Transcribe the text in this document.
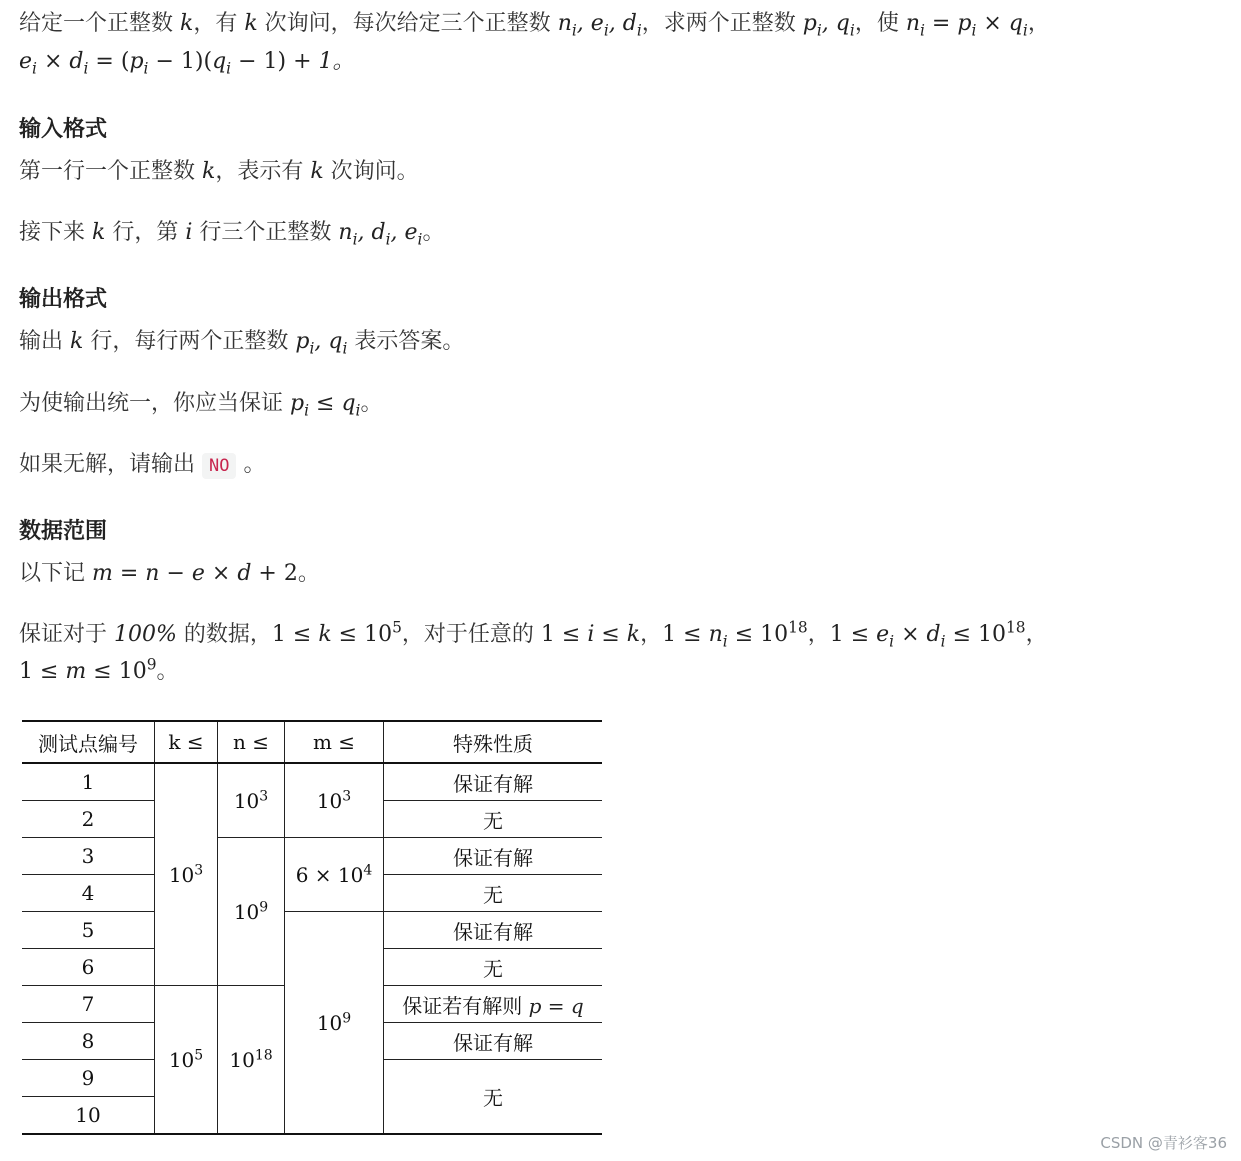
给定一个正整数 k，有 k 次询问，每次给定三个正整数 $n_i$, $e_i$, $d_i$，求两个正整数 $p_i$, $q_i$，使 $n_i = p_i \times q_i$，

$e_i \times d_i = (p_i - 1)(q_i - 1) + 1$。

输入格式

第一行一个正整数 k，表示有 k 次询问。

接下来 k 行，第 i 行三个正整数 $n_i$, $d_i$, $e_i$。

输出格式

输出 k 行，每行两个正整数 $p_i$, $q_i$ 表示答案。

为使输出统一，你应当保证 $p_i \le q_i$。

如果无解，请输出 NO 。

数据范围

以下记 m = n − e × d + 2。

保证对于 100% 的数据，$1 \le k \le 10^5$，对于任意的 1 ≤ i ≤ k，$1 \le n_i \le 10^{18}$，$1 \le e_i \times d_i \le 10^{18}$，

$1 \le m \le 10^9$。

测试点编号	k ≤	n ≤	m ≤	特殊性质
1	$10^3$	$10^3$	$10^3$	保证有解
2				无
3		$10^9$	$6 \times 10^4$	保证有解
4				无
5			$10^9$	保证有解
6				无
7	$10^5$	$10^{18}$		保证若有解则 p = q
8				保证有解
9				无
10				
CSDN @青衫客36
